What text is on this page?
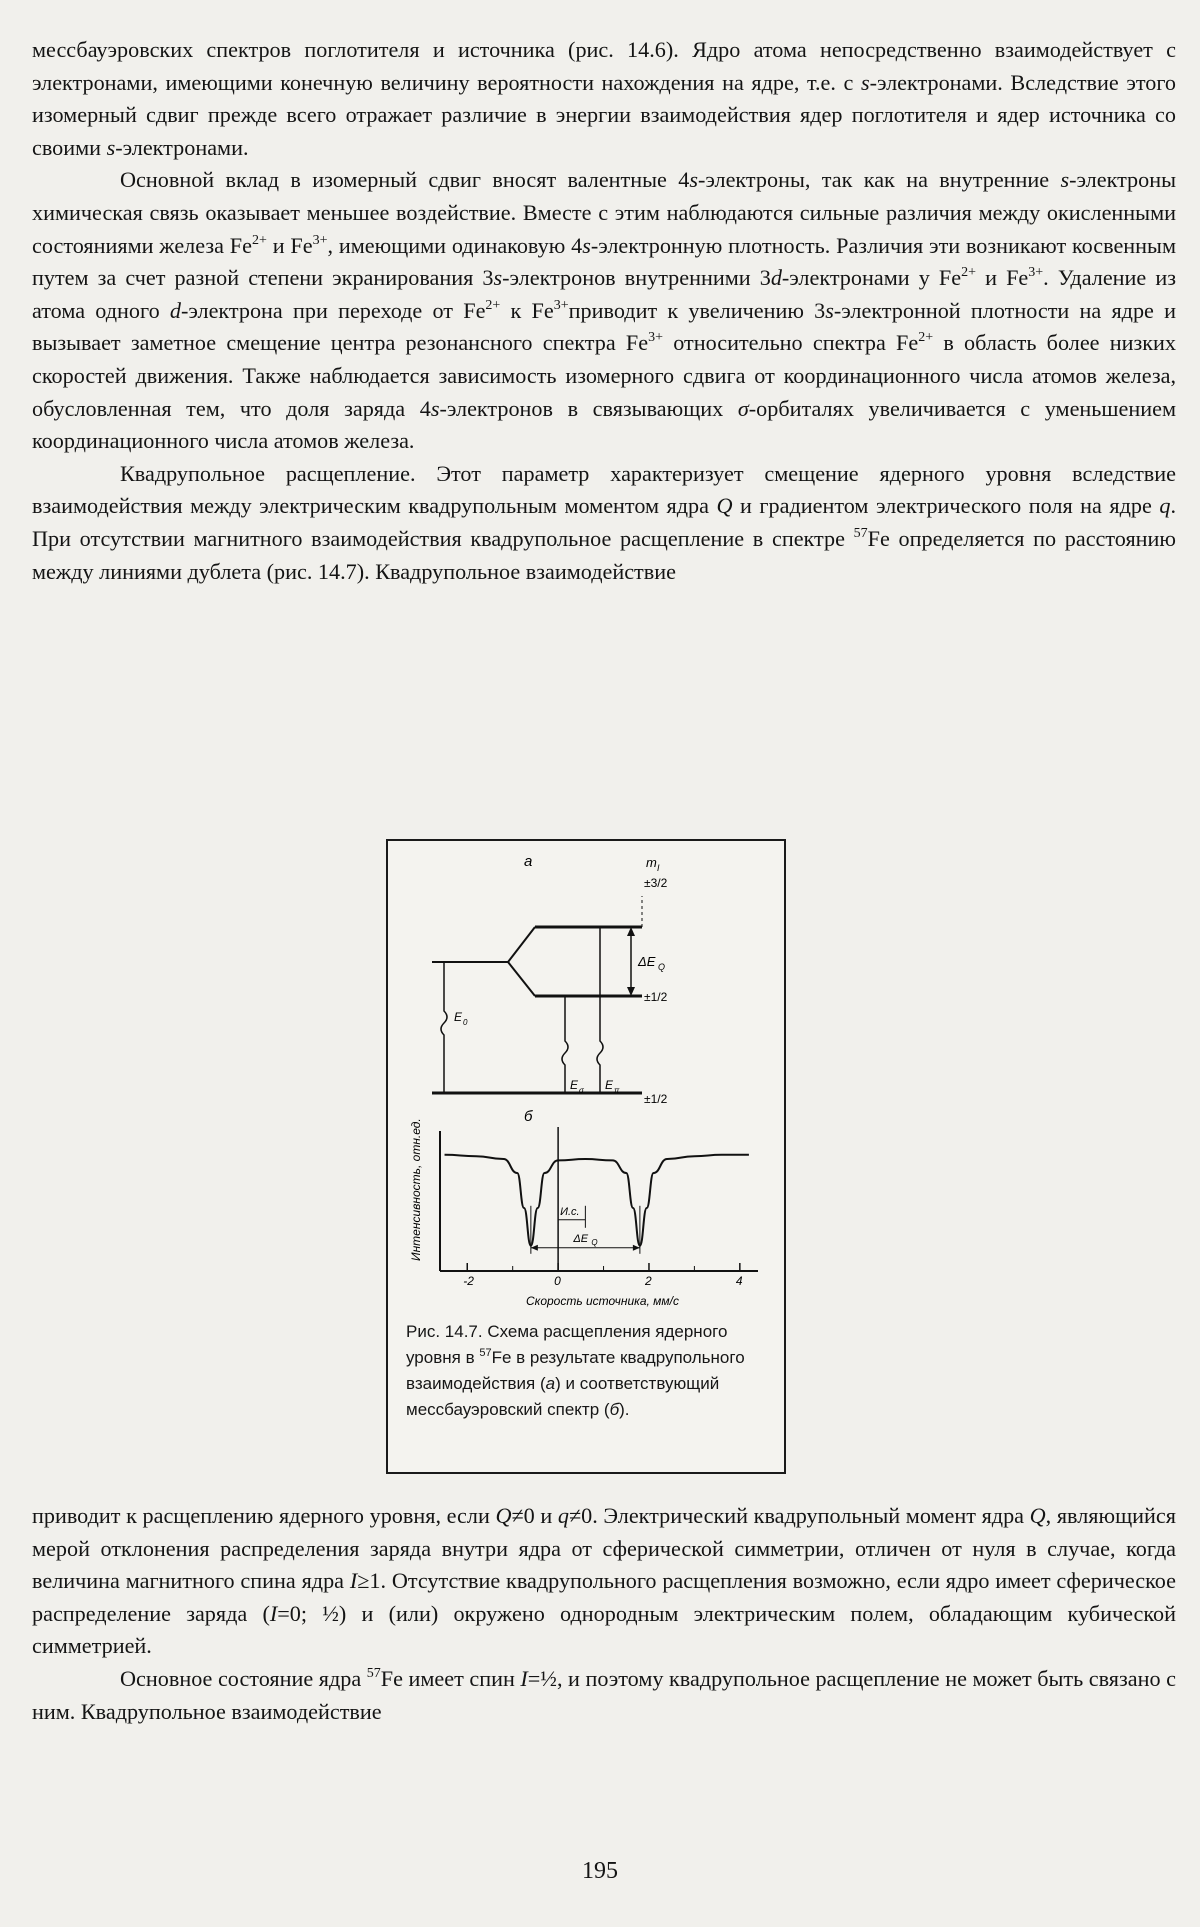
мессбауэровских спектров поглотителя и источника (рис. 14.6). Ядро атома непосредственно взаимодействует с электронами, имеющими конечную величину вероятности нахождения на ядре, т.е. с s-электронами. Вследствие этого изомерный сдвиг прежде всего отражает различие в энергии взаимодействия ядер поглотителя и ядер источника со своими s-электронами.

Основной вклад в изомерный сдвиг вносят валентные 4s-электроны, так как на внутренние s-электроны химическая связь оказывает меньшее воздействие. Вместе с этим наблюдаются сильные различия между окисленными состояниями железа Fe2+ и Fe3+, имеющими одинаковую 4s-электронную плотность. Различия эти возникают косвенным путем за счет разной степени экранирования 3s-электронов внутренними 3d-электронами у Fe2+ и Fe3+. Удаление из атома одного d-электрона при переходе от Fe2+ к Fe3+приводит к увеличению 3s-электронной плотности на ядре и вызывает заметное смещение центра резонансного спектра Fe3+ относительно спектра Fe2+ в область более низких скоростей движения. Также наблюдается зависимость изомерного сдвига от координационного числа атомов железа, обусловленная тем, что доля заряда 4s-электронов в связывающих σ-орбиталях увеличивается с уменьшением координационного числа атомов железа.

Квадрупольное расщепление. Этот параметр характеризует смещение ядерного уровня вследствие взаимодействия между электрическим квадрупольным моментом ядра Q и градиентом электрического поля на ядре q. При отсутствии магнитного взаимодействия квадрупольное расщепление в спектре 57Fe определяется по расстоянию между линиями дублета (рис. 14.7). Квадрупольное взаимодействие

а	m I
±3/2
±1/2
ΔE Q
±1/2
E 0
E σ E π
б
-2	0	2	4
И.с.
ΔE Q
Интенсивность, отн.ед.
Скорость источника, мм/с
Рис. 14.7. Схема расщепления ядерного уровня в 57Fe в результате квадрупольного взаимодействия (а) и соответствующий мессбауэровский спектр (б).

приводит к расщеплению ядерного уровня, если Q≠0 и q≠0. Электрический квадрупольный момент ядра Q, являющийся мерой отклонения распределения заряда внутри ядра от сферической симметрии, отличен от нуля в случае, когда величина магнитного спина ядра I≥1. Отсутствие квадрупольного расщепления возможно, если ядро имеет сферическое распределение заряда (I=0; ½) и (или) окружено однородным электрическим полем, обладающим кубической симметрией.

Основное состояние ядра 57Fe имеет спин I=½, и поэтому квадрупольное расщепление не может быть связано с ним. Квадрупольное взаимодействие

195
